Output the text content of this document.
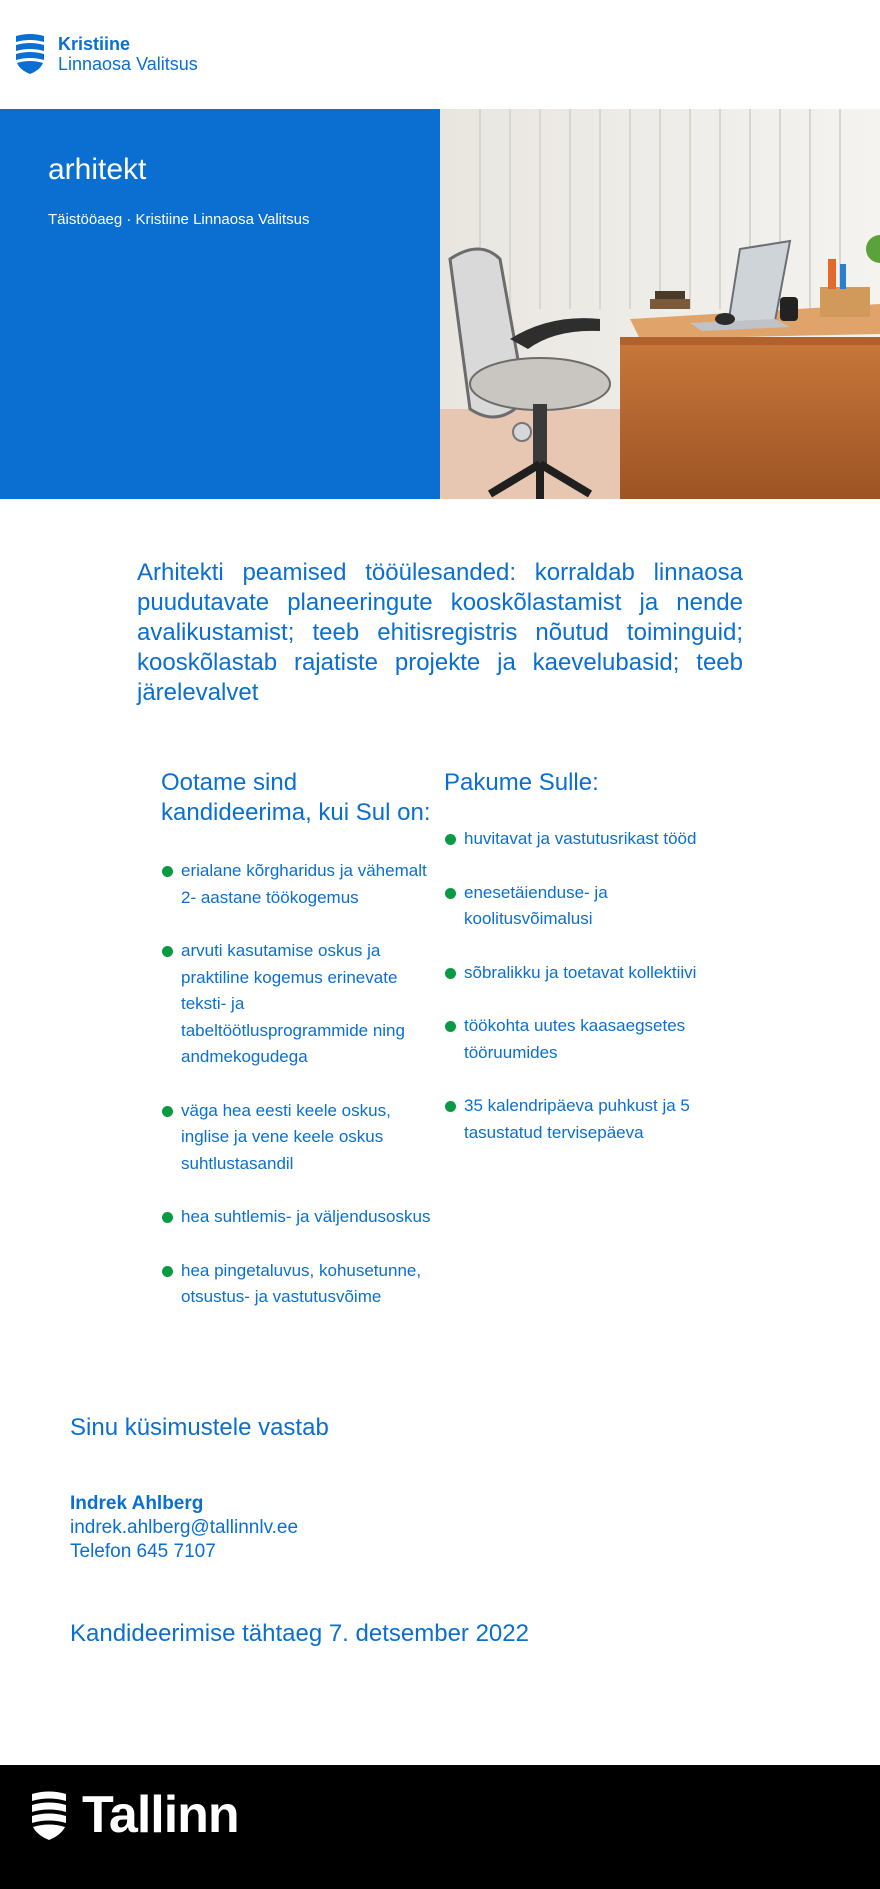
Kristiine
Linnaosa Valitsus
arhitekt
Täistööaeg · Kristiine Linnaosa Valitsus
Arhitekti peamised tööülesanded: korraldab linnaosa puudutavate planeeringute kooskõlastamist ja nende avalikustamist; teeb ehitisregistris nõutud toiminguid; kooskõlastab rajatiste projekte ja kaevelubasid; teeb järelevalvet
Ootame sind kandideerima, kui Sul on:
erialane kõrgharidus ja vähemalt 2- aastane töökogemus
arvuti kasutamise oskus ja praktiline kogemus erinevate teksti- ja tabeltöötlusprogrammide ning andmekogudega
väga hea eesti keele oskus, inglise ja vene keele oskus suhtlustasandil
hea suhtlemis- ja väljendusoskus
hea pingetaluvus, kohusetunne, otsustus- ja vastutusvõime
Pakume Sulle:
huvitavat ja vastutusrikast tööd
enesetäienduse- ja koolitusvõimalusi
sõbralikku ja toetavat kollektiivi
töökohta uutes kaasaegsetes tööruumides
35 kalendripäeva puhkust ja 5 tasustatud tervisepäeva
Sinu küsimustele vastab
Indrek Ahlberg
indrek.ahlberg@tallinnlv.ee
Telefon 645 7107
Kandideerimise tähtaeg 7. detsember 2022
Tallinn
